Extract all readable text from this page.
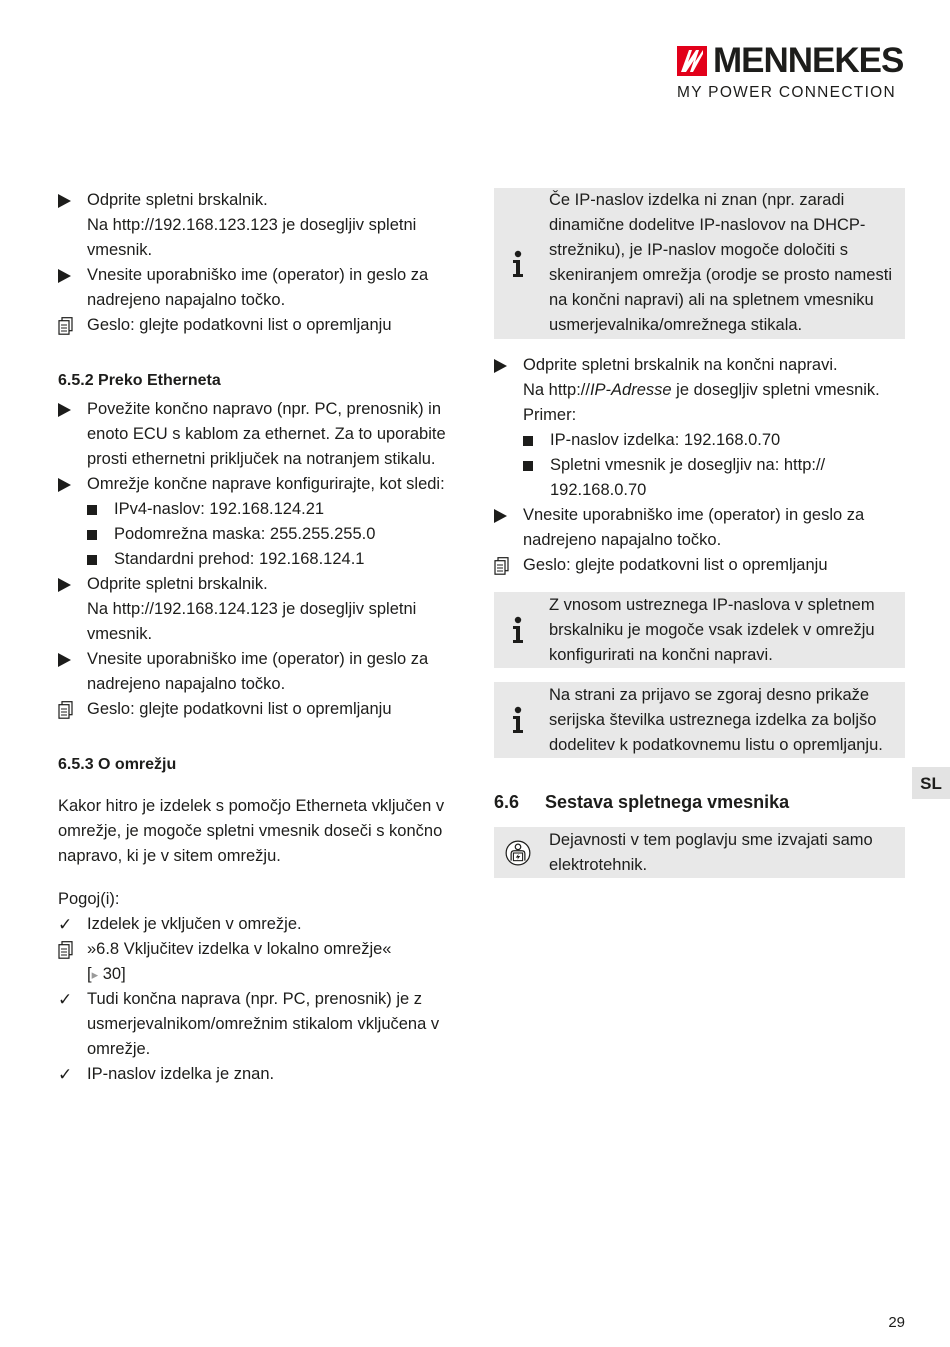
MENNEKES
MY POWER CONNECTION
Odprite spletni brskalnik.
Na http://192.168.123.123 je dosegljiv spletni vmesnik.
Vnesite uporabniško ime (operator) in geslo za nadrejeno napajalno točko.
Geslo: glejte podatkovni list o opremljanju
6.5.2 Preko Etherneta
Povežite končno napravo (npr. PC, prenosnik) in enoto ECU s kablom za ethernet. Za to uporabite prosti ethernetni priključek na notranjem stikalu.
Omrežje končne naprave konfigurirajte, kot sledi:
IPv4-naslov: 192.168.124.21
Podomrežna maska: 255.255.255.0
Standardni prehod: 192.168.124.1
Odprite spletni brskalnik.
Na http://192.168.124.123 je dosegljiv spletni vmesnik.
Vnesite uporabniško ime (operator) in geslo za nadrejeno napajalno točko.
Geslo: glejte podatkovni list o opremljanju
6.5.3 O omrežju
Kakor hitro je izdelek s pomočjo Etherneta vključen v omrežje, je mogoče spletni vmesnik doseči s končno napravo, ki je v sitem omrežju.
Pogoj(i):
✓ Izdelek je vključen v omrežje.
»6.8 Vključitev izdelka v lokalno omrežje«
[▸ 30]
✓ Tudi končna naprava (npr. PC, prenosnik) je z usmerjevalnikom/omrežnim stikalom vključena v omrežje.
✓ IP-naslov izdelka je znan.
Če IP-naslov izdelka ni znan (npr. zaradi dinamične dodelitve IP-naslovov na DHCP-strežniku), je IP-naslov mogoče določiti s skeniranjem omrežja (orodje se prosto namesti na končni napravi) ali na spletnem vmesniku usmerjevalnika/omrežnega stikala.
Odprite spletni brskalnik na končni napravi.
Na http://IP-Adresse je dosegljiv spletni vmesnik.
Primer:
IP-naslov izdelka: 192.168.0.70
Spletni vmesnik je dosegljiv na: http:// 192.168.0.70
Vnesite uporabniško ime (operator) in geslo za nadrejeno napajalno točko.
Geslo: glejte podatkovni list o opremljanju
Z vnosom ustreznega IP-naslova v spletnem brskalniku je mogoče vsak izdelek v omrežju konfigurirati na končni napravi.
Na strani za prijavo se zgoraj desno prikaže serijska številka ustreznega izdelka za boljšo dodelitev k podatkovnemu listu o opremljanju.
6.6	Sestava spletnega vmesnika
Dejavnosti v tem poglavju sme izvajati samo elektrotehnik.
SL
29
